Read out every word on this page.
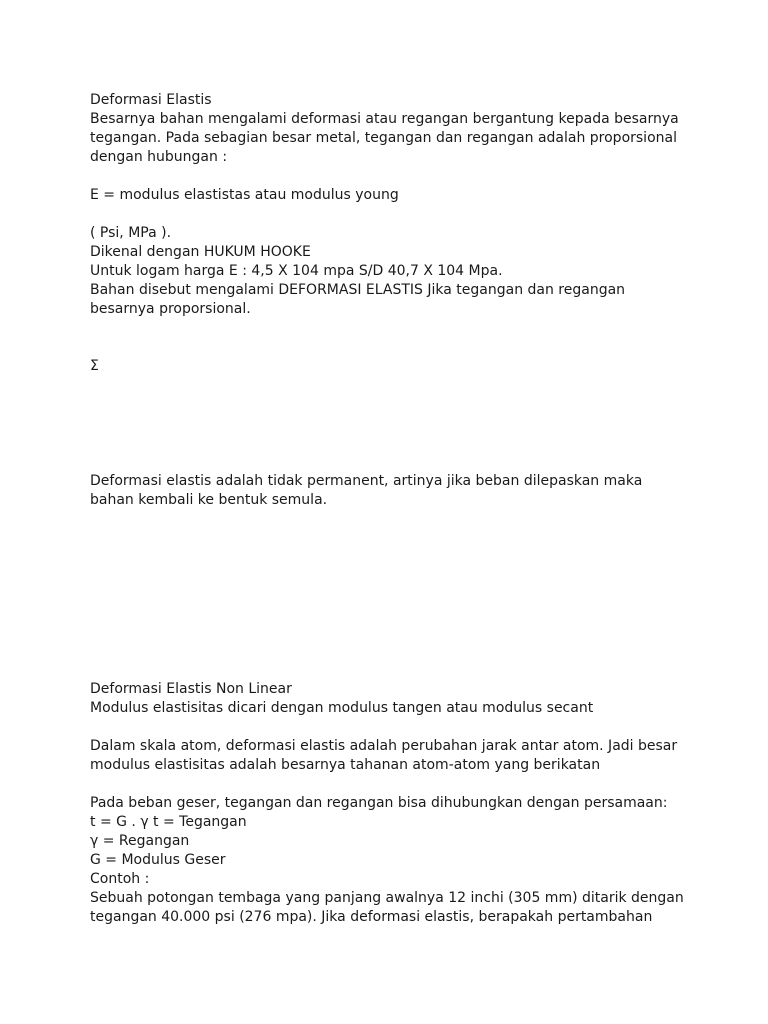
Deformasi Elastis
Besarnya bahan mengalami deformasi atau regangan bergantung kepada besarnya
tegangan. Pada sebagian besar metal, tegangan dan regangan adalah proporsional
dengan hubungan :
E = modulus elastistas atau modulus young
( Psi, MPa ).
Dikenal dengan HUKUM HOOKE
Untuk logam harga E : 4,5 X 104 mpa S/D 40,7 X 104 Mpa.
Bahan disebut mengalami DEFORMASI ELASTIS Jika tegangan dan regangan
besarnya proporsional.
Σ
Deformasi elastis adalah tidak permanent, artinya jika beban dilepaskan maka
bahan kembali ke bentuk semula.
Deformasi Elastis Non Linear
Modulus elastisitas dicari dengan modulus tangen atau modulus secant
Dalam skala atom, deformasi elastis adalah perubahan jarak antar atom. Jadi besar
modulus elastisitas adalah besarnya tahanan atom-atom yang berikatan
Pada beban geser, tegangan dan regangan bisa dihubungkan dengan persamaan:
t = G . γ t = Tegangan
γ = Regangan
G = Modulus Geser
Contoh :
Sebuah potongan tembaga yang panjang awalnya 12 inchi (305 mm) ditarik dengan
tegangan 40.000 psi (276 mpa). Jika deformasi elastis, berapakah pertambahan
